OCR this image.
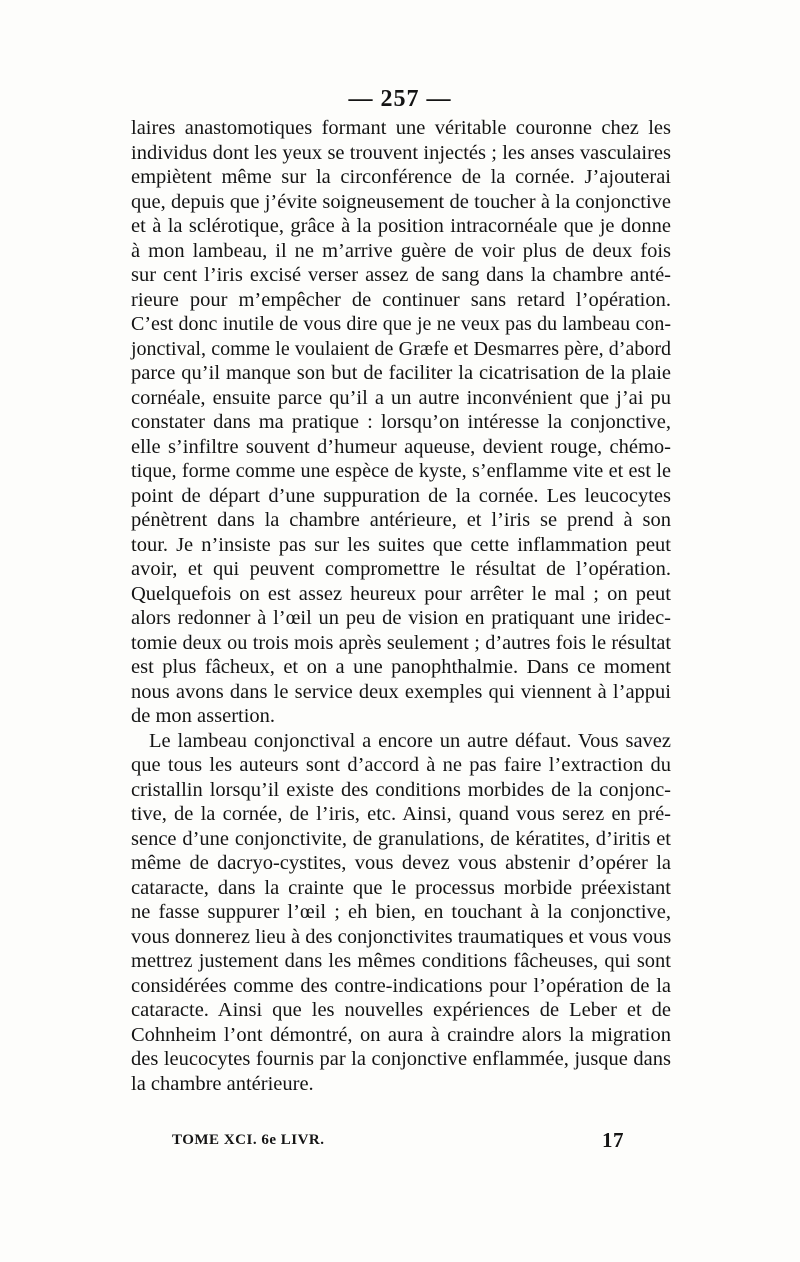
— 257 —
laires anastomotiques formant une véritable couronne chez les
individus dont les yeux se trouvent injectés ; les anses vasculaires
empiètent même sur la circonférence de la cornée. J’ajouterai
que, depuis que j’évite soigneusement de toucher à la conjonctive
et à la sclérotique, grâce à la position intracornéale que je donne
à mon lambeau, il ne m’arrive guère de voir plus de deux fois
sur cent l’iris excisé verser assez de sang dans la chambre anté-
rieure pour m’empêcher de continuer sans retard l’opération.
C’est donc inutile de vous dire que je ne veux pas du lambeau con-
jonctival, comme le voulaient de Græfe et Desmarres père, d’abord
parce qu’il manque son but de faciliter la cicatrisation de la plaie
cornéale, ensuite parce qu’il a un autre inconvénient que j’ai pu
constater dans ma pratique : lorsqu’on intéresse la conjonctive,
elle s’infiltre souvent d’humeur aqueuse, devient rouge, chémo-
tique, forme comme une espèce de kyste, s’enflamme vite et est le
point de départ d’une suppuration de la cornée. Les leucocytes
pénètrent dans la chambre antérieure, et l’iris se prend à son
tour. Je n’insiste pas sur les suites que cette inflammation peut
avoir, et qui peuvent compromettre le résultat de l’opération.
Quelquefois on est assez heureux pour arrêter le mal ; on peut
alors redonner à l’œil un peu de vision en pratiquant une iridec-
tomie deux ou trois mois après seulement ; d’autres fois le résultat
est plus fâcheux, et on a une panophthalmie. Dans ce moment
nous avons dans le service deux exemples qui viennent à l’appui
de mon assertion.
Le lambeau conjonctival a encore un autre défaut. Vous savez
que tous les auteurs sont d’accord à ne pas faire l’extraction du
cristallin lorsqu’il existe des conditions morbides de la conjonc-
tive, de la cornée, de l’iris, etc. Ainsi, quand vous serez en pré-
sence d’une conjonctivite, de granulations, de kératites, d’iritis et
même de dacryo-cystites, vous devez vous abstenir d’opérer la
cataracte, dans la crainte que le processus morbide préexistant
ne fasse suppurer l’œil ; eh bien, en touchant à la conjonctive,
vous donnerez lieu à des conjonctivites traumatiques et vous vous
mettrez justement dans les mêmes conditions fâcheuses, qui sont
considérées comme des contre-indications pour l’opération de la
cataracte. Ainsi que les nouvelles expériences de Leber et de
Cohnheim l’ont démontré, on aura à craindre alors la migration
des leucocytes fournis par la conjonctive enflammée, jusque dans
la chambre antérieure.
TOME XCI. 6e LIVR.	17
